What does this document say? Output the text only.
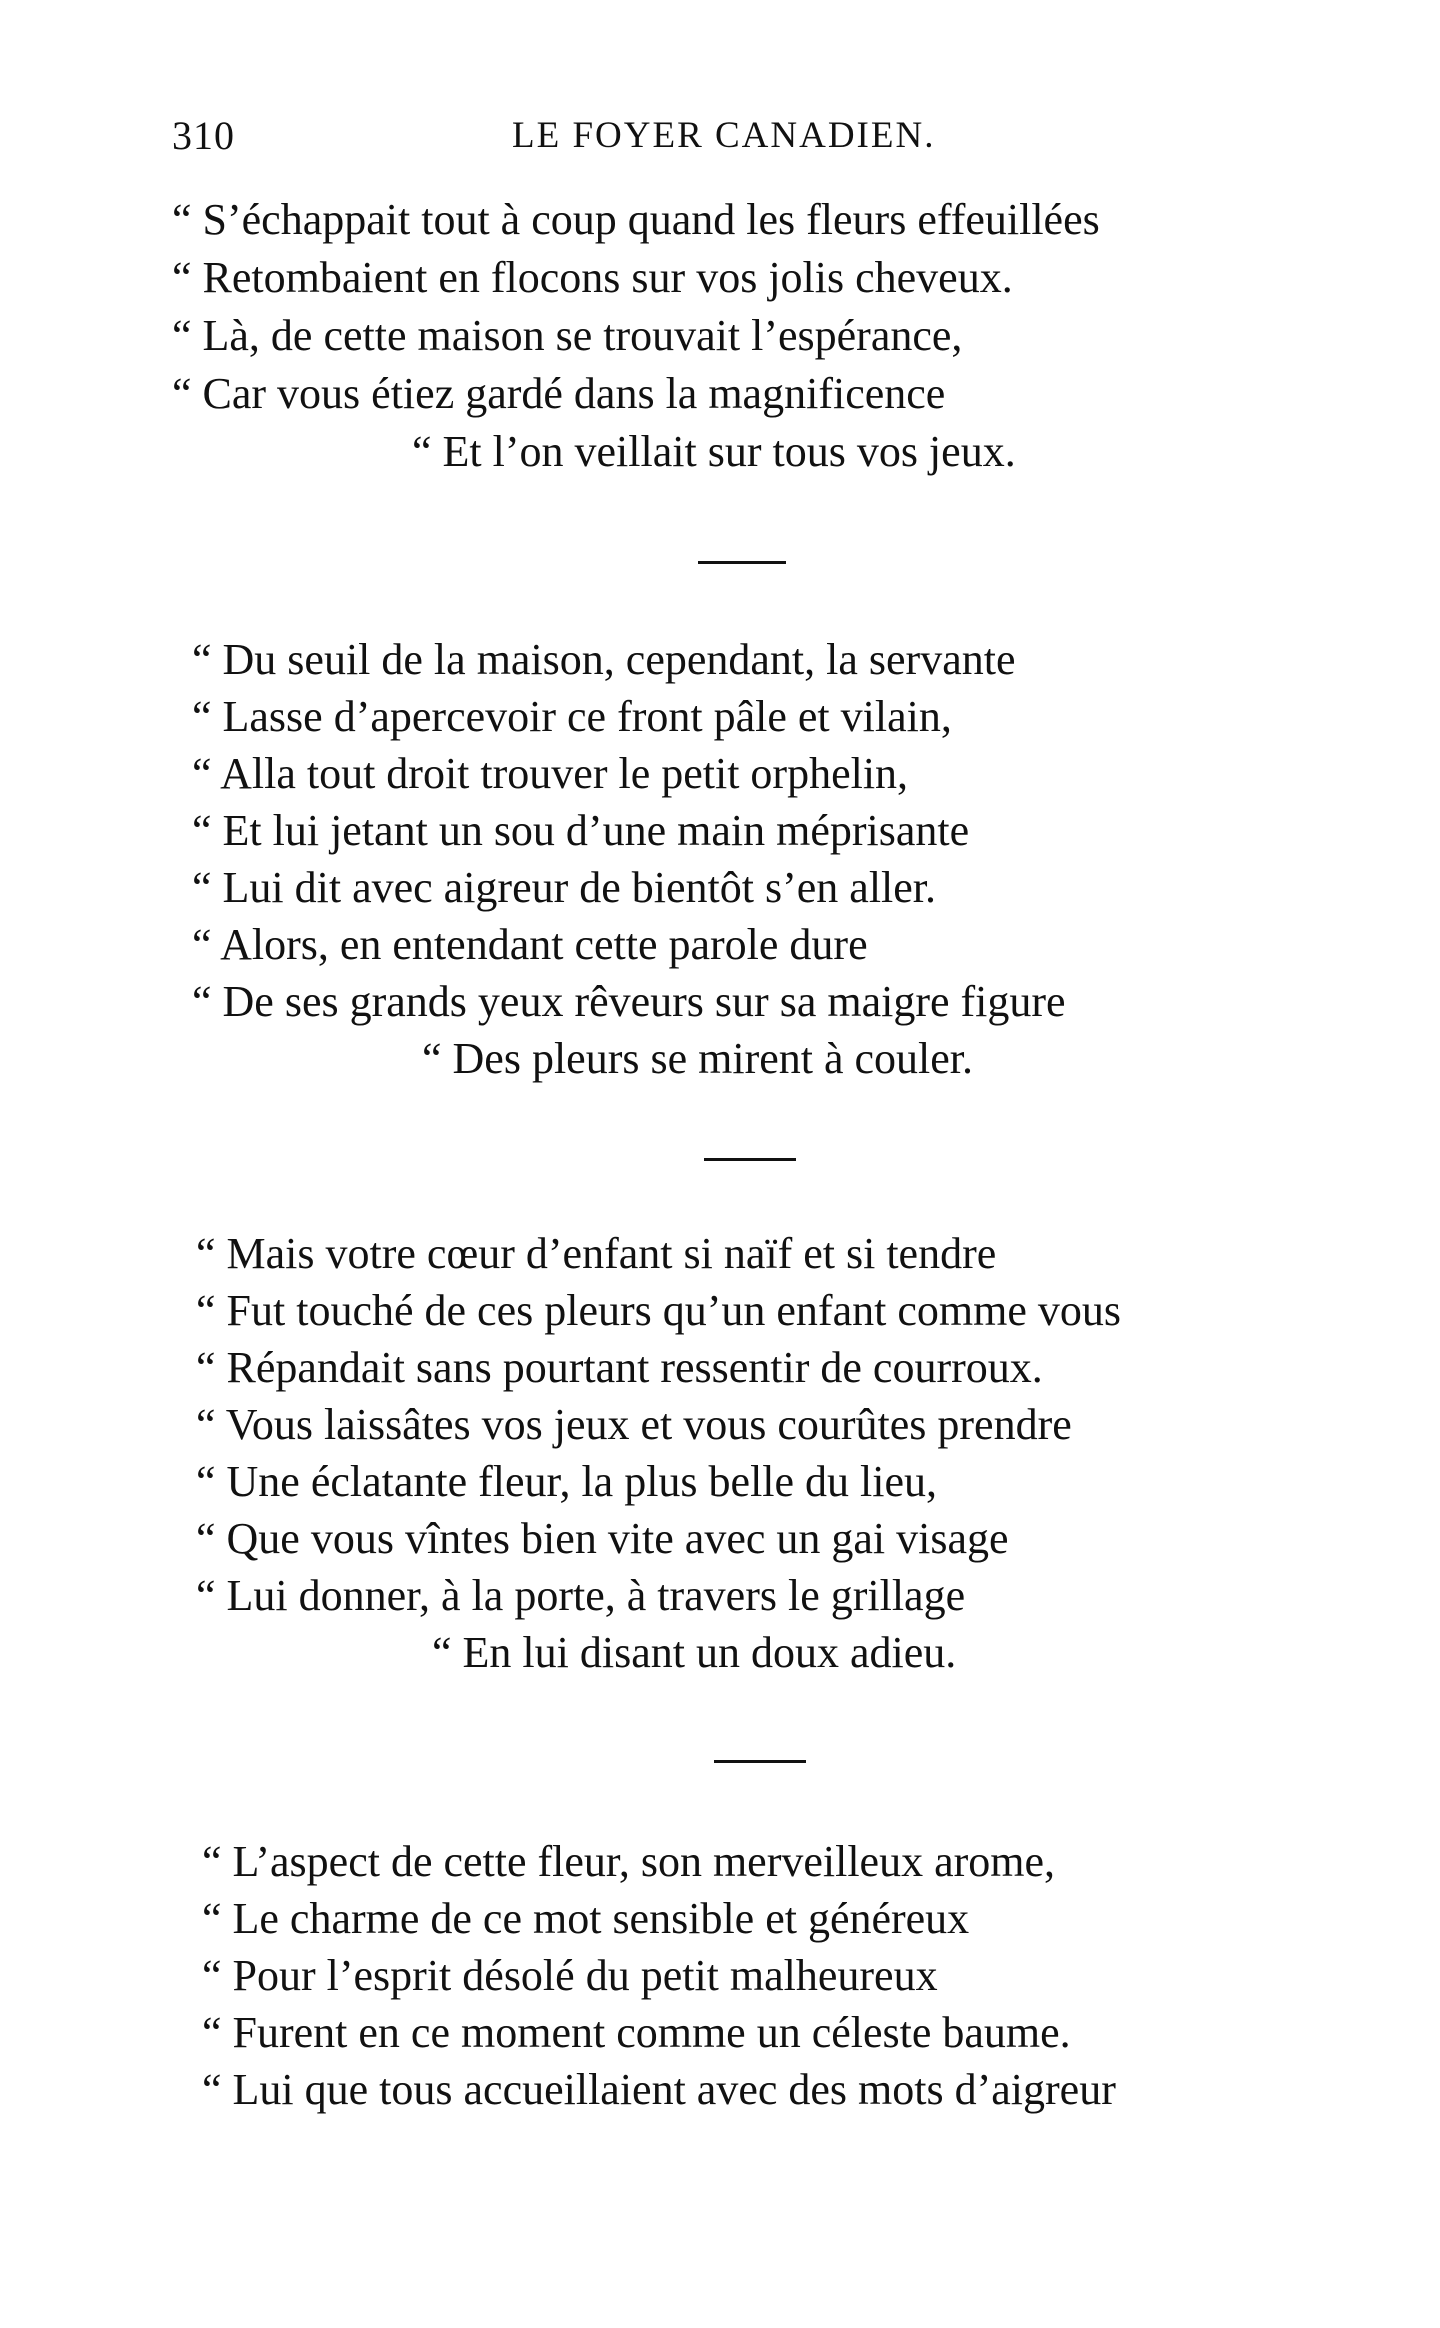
310	LE FOYER CANADIEN.
“ S’échappait tout à coup quand les fleurs effeuillées
“ Retombaient en flocons sur vos jolis cheveux.
“ Là, de cette maison se trouvait l’espérance,
“ Car vous étiez gardé dans la magnificence
“ Et l’on veillait sur tous vos jeux.
“ Du seuil de la maison, cependant, la servante
“ Lasse d’apercevoir ce front pâle et vilain,
“ Alla tout droit trouver le petit orphelin,
“ Et lui jetant un sou d’une main méprisante
“ Lui dit avec aigreur de bientôt s’en aller.
“ Alors, en entendant cette parole dure
“ De ses grands yeux rêveurs sur sa maigre figure
“ Des pleurs se mirent à couler.
“ Mais votre cœur d’enfant si naïf et si tendre
“ Fut touché de ces pleurs qu’un enfant comme vous
“ Répandait sans pourtant ressentir de courroux.
“ Vous laissâtes vos jeux et vous courûtes prendre
“ Une éclatante fleur, la plus belle du lieu,
“ Que vous vîntes bien vite avec un gai visage
“ Lui donner, à la porte, à travers le grillage
“ En lui disant un doux adieu.
“ L’aspect de cette fleur, son merveilleux arome,
“ Le charme de ce mot sensible et généreux
“ Pour l’esprit désolé du petit malheureux
“ Furent en ce moment comme un céleste baume.
“ Lui que tous accueillaient avec des mots d’aigreur
